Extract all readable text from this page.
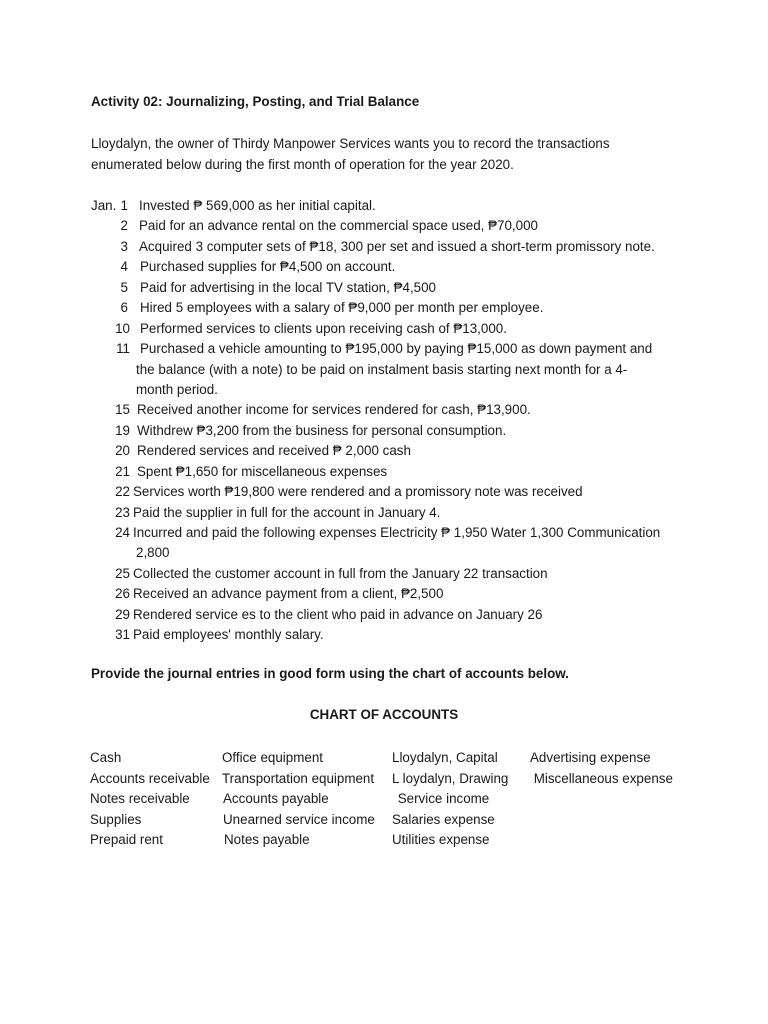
Activity 02: Journalizing, Posting, and Trial Balance
Lloydalyn, the owner of Thirdy Manpower Services wants you to record the transactions
enumerated below during the first month of operation for the year 2020.
Jan. 1 Invested ₱ 569,000 as her initial capital.
2 Paid for an advance rental on the commercial space used, ₱70,000
3 Acquired 3 computer sets of ₱18, 300 per set and issued a short-term promissory note.
4 Purchased supplies for ₱4,500 on account.
5 Paid for advertising in the local TV station, ₱4,500
6 Hired 5 employees with a salary of ₱9,000 per month per employee.
10 Performed services to clients upon receiving cash of ₱13,000.
11 Purchased a vehicle amounting to ₱195,000 by paying ₱15,000 as down payment and
the balance (with a note) to be paid on instalment basis starting next month for a 4-
month period.
15 Received another income for services rendered for cash, ₱13,900.
19 Withdrew ₱3,200 from the business for personal consumption.
20 Rendered services and received ₱ 2,000 cash
21 Spent ₱1,650 for miscellaneous expenses
22 Services worth ₱19,800 were rendered and a promissory note was received
23 Paid the supplier in full for the account in January 4.
24 Incurred and paid the following expenses Electricity ₱ 1,950 Water 1,300 Communication
2,800
25 Collected the customer account in full from the January 22 transaction
26 Received an advance payment from a client, ₱2,500
29 Rendered service es to the client who paid in advance on January 26
31 Paid employees' monthly salary.
Provide the journal entries in good form using the chart of accounts below.
CHART OF ACCOUNTS
Cash
Accounts receivable
Notes receivable
Supplies
Prepaid rent
Office equipment
Transportation equipment
Accounts payable
Unearned service income
Notes payable
Lloydalyn, Capital
L loydalyn, Drawing
Service income
Salaries expense
Utilities expense
Advertising expense
Miscellaneous expense
